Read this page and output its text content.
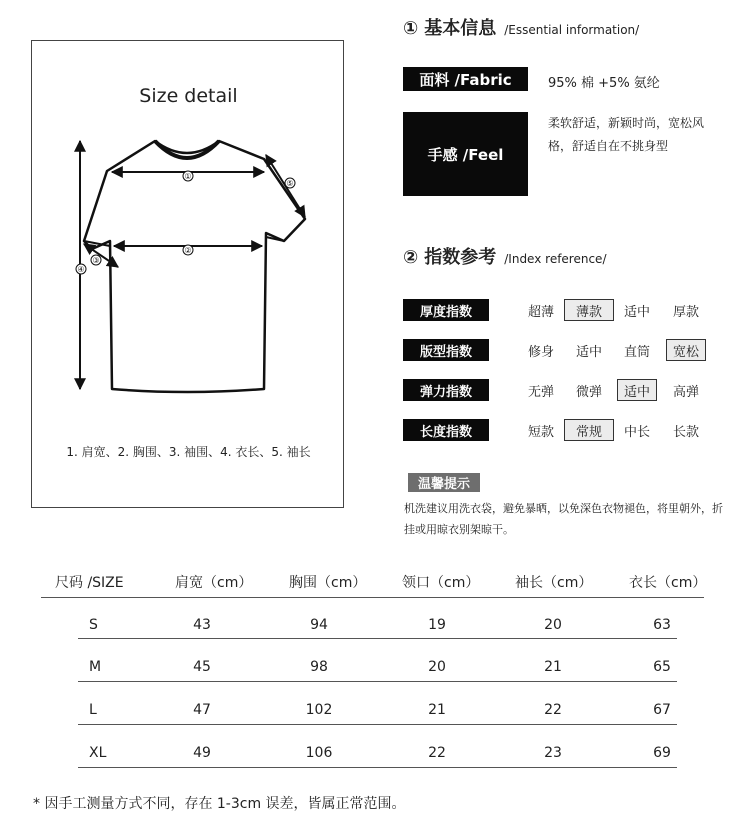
Size detail
①
②
③
④
⑤
1. 肩宽、2. 胸围、3. 袖围、4. 衣长、5. 袖长
① 基本信息 /Essential information/
面料 /Fabric	95% 棉 +5% 氨纶
手感 /Feel
柔软舒适，新颖时尚，宽松风格，舒适自在不挑身型
② 指数参考 /Index reference/
厚度指数	超薄	薄款	适中	厚款
版型指数	修身	适中	直筒	宽松
弹力指数	无弹	微弹	适中	高弹
长度指数	短款	常规	中长	长款
温馨提示
机洗建议用洗衣袋，避免暴晒，以免深色衣物褪色，将里朝外，折挂或用晾衣别架晾干。
尺码 /SIZE	肩宽（cm）	胸围（cm）	领口（cm）	袖长（cm）	衣长（cm）
S	43	94	19	20	63
M	45	98	20	21	65
L	47	102	21	22	67
XL	49	106	22	23	69
* 因手工测量方式不同，存在 1-3cm 误差，皆属正常范围。
